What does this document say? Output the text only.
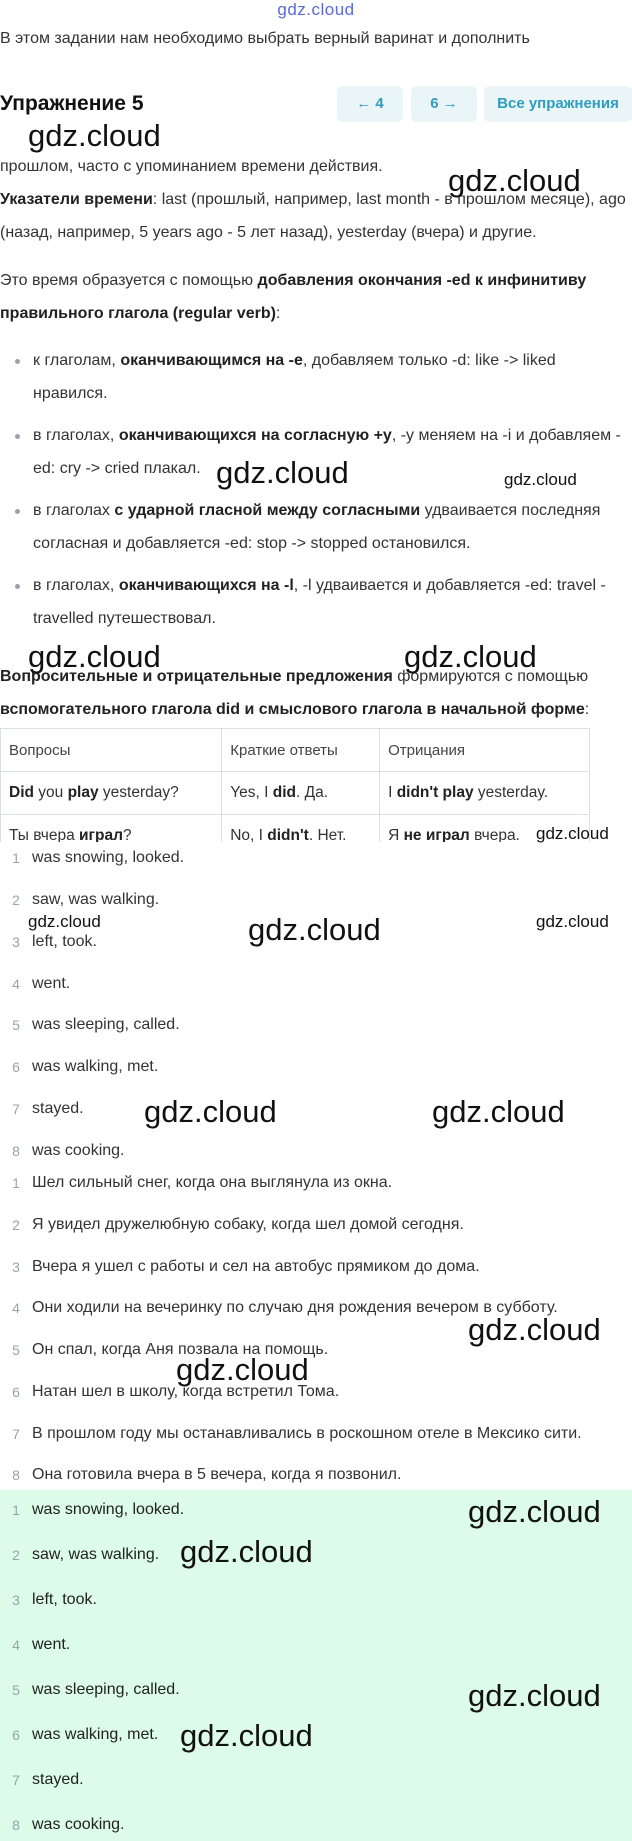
gdz.cloud
В этом задании нам необходимо выбрать верный варинат и дополнить

прошлом, часто с упоминанием времени действия.

Указатели времени: last (прошлый, например, last month - в прошлом месяце), ago (назад, например, 5 years ago - 5 лет назад), yesterday (вчера) и другие.

Это время образуется с помощью добавления окончания -ed к инфинитиву правильного глагола (regular verb):

к глаголам, оканчивающимся на -e, добавляем только -d: like -> liked нравился.
в глаголах, оканчивающихся на согласную +y, -y меняем на -i и добавляем -ed: cry -> cried плакал.
в глаголах с ударной гласной между согласными удваивается последняя согласная и добавляется -ed: stop -> stopped остановился.
в глаголах, оканчивающихся на -l, -l удваивается и добавляется -ed: travel - travelled путешествовал.

Вопросительные и отрицательные предложения формируются с помощью вспомогательного глагола did и смыслового глагола в начальной форме:

Вопросы	Краткие ответы	Отрицания
Did you play yesterday?	Yes, I did. Да.	I didn't play yesterday.
Ты вчера играл?	No, I didn't. Нет.	Я не играл вчера.
Упражнение 5	← 4	6 →	Все упражнения
1 was snowing, looked.
2 saw, was walking.
3 left, took.
4 went.
5 was sleeping, called.
6 was walking, met.
7 stayed.
8 was cooking.
1 Шел сильный снег, когда она выглянула из окна.
2 Я увидел дружелюбную собаку, когда шел домой сегодня.
3 Вчера я ушел с работы и сел на автобус прямиком до дома.
4 Они ходили на вечеринку по случаю дня рождения вечером в субботу.
5 Он спал, когда Аня позвала на помощь.
6 Натан шел в школу, когда встретил Тома.
7 В прошлом году мы останавливались в роскошном отеле в Мексико сити.
8 Она готовила вчера в 5 вечера, когда я позвонил.
1 was snowing, looked.
2 saw, was walking.
3 left, took.
4 went.
5 was sleeping, called.
6 was walking, met.
7 stayed.
8 was cooking.
gdz.cloud
gdz.cloud
gdz.cloud	gdz.cloud
gdz.cloud	gdz.cloud
gdz.cloud
gdz.cloud	gdz.cloud	gdz.cloud
gdz.cloud	gdz.cloud
gdz.cloud
gdz.cloud
gdz.cloud
gdz.cloud
gdz.cloud
gdz.cloud
